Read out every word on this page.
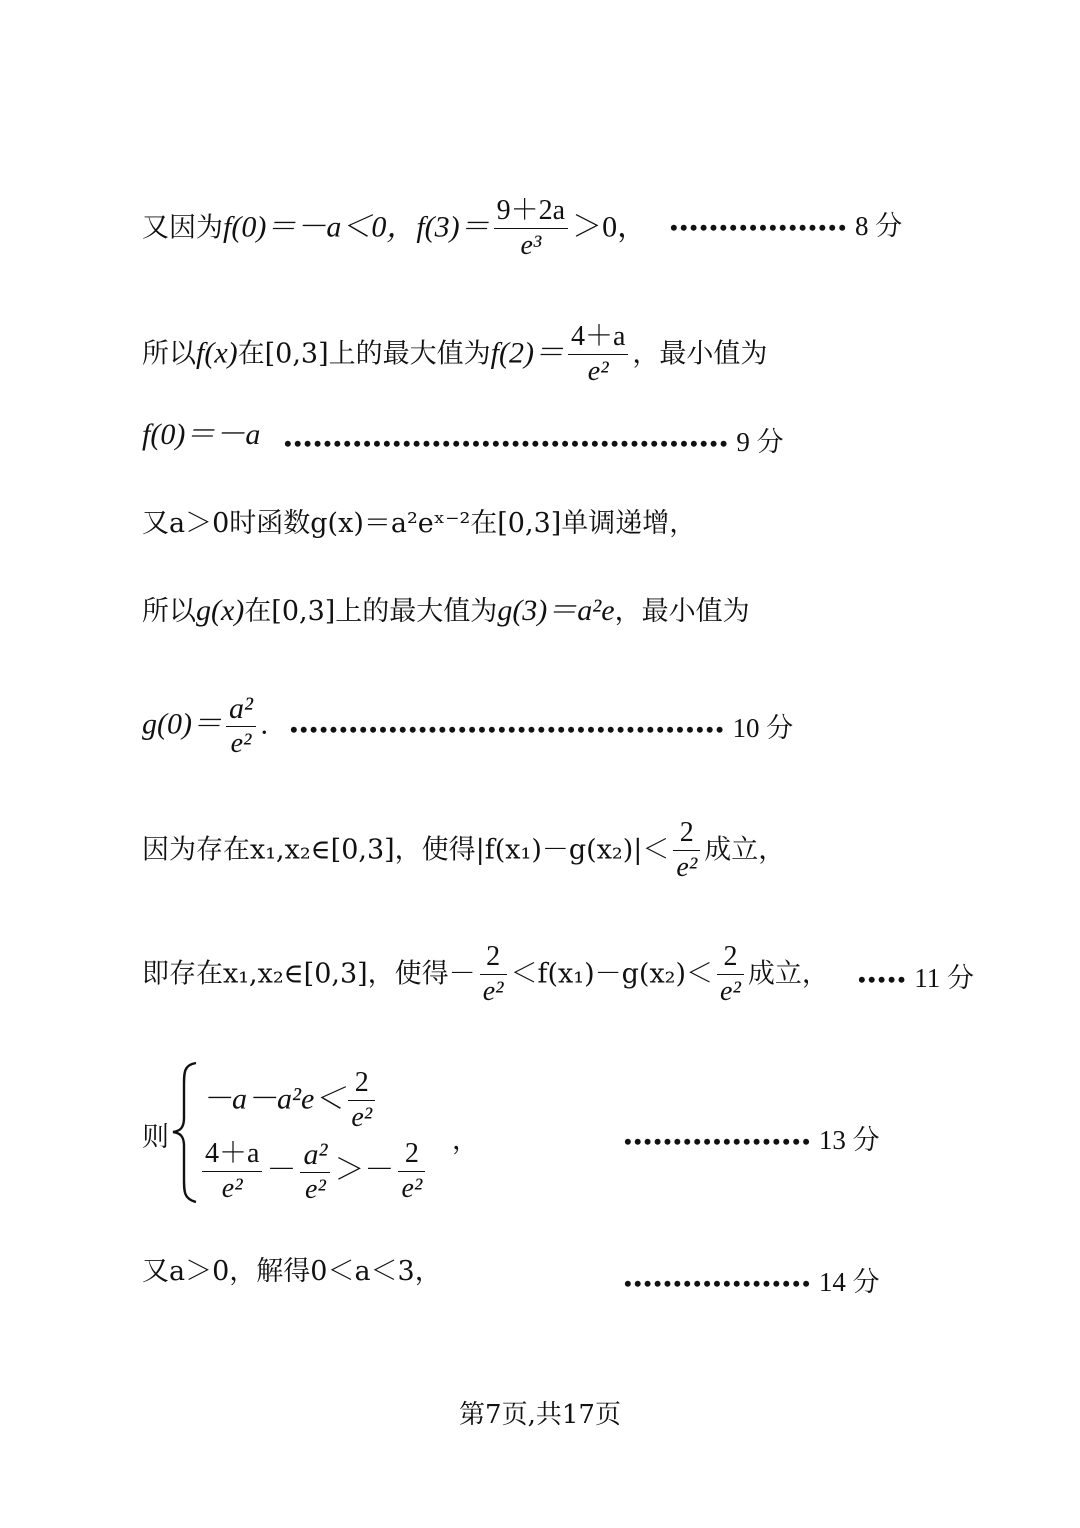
又因为f(0)＝－a＜0，$f(3)= \frac{9+2a}{\text{e³}} >0$， •••••••••••••••••• 8 分
所以f(x)在[0,3]上的最大值为$f(2)= \frac{4+a}{\text{e²}}$ ，最小值为
f(0)＝－a ••••••••••••••••••••••••••••••••••••••••••••• 9 分
又a＞0时函数g(x)＝a²eˣ⁻²在[0,3]单调递增，
所以g(x)在[0,3]上的最大值为g(3)＝a²e，最小值为
$g(0)= \frac{\text{a²}}{\text{e²}}$ . •••••••••••••••••••••••••••••••••••••••••••• 10 分
因为存在x₁,x₂∈[0,3]，使得$|f(x_1)-g(x_2)|< \frac{2}{\text{e²}}$ 成立，
即存在x₁,x₂∈[0,3]，使得－ $\frac{2}{\text{e²}} <f(x_1)-g(x_2)< \frac{2}{\text{e²}}$ 成立， ••••• 11 分
则
$-a-a^2e< \frac{2}{\text{e²}}$
$\frac{4+a}{\text{e²}} - \frac{\text{a²}}{\text{e²}} >- \frac{2}{\text{e²}}$ ，	••••••••••••••••••• 13 分
又a＞0，解得0＜a＜3，	••••••••••••••••••• 14 分
第7页,共17页
